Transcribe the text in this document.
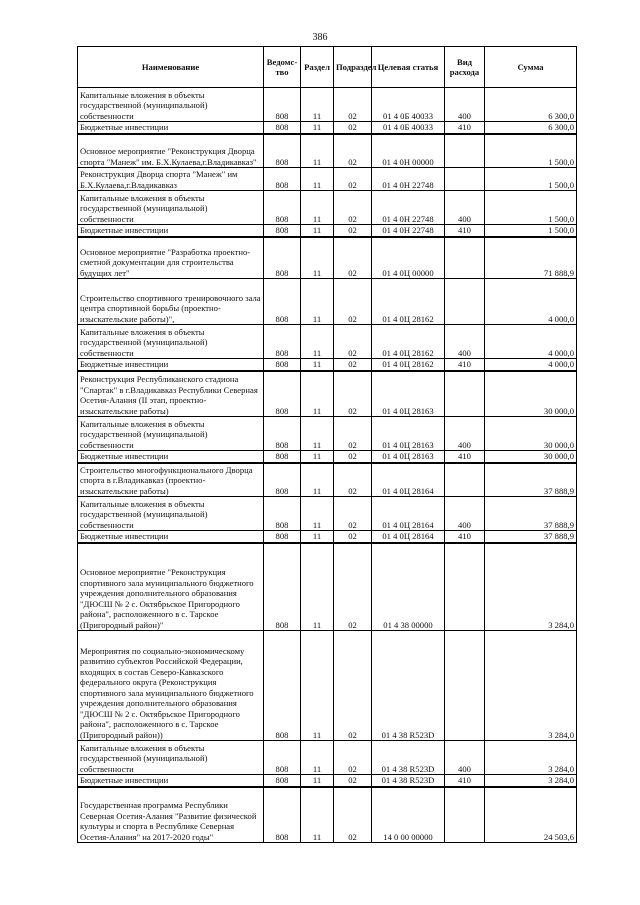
386
Наименование	Ведомс-тво	Раздел	Подраздел	Целевая статья	Вид расхода	Сумма
Капитальные вложения в объекты государственной (муниципальной) собственности	808	11	02	01 4 0Б 40033	400	6 300,0
Бюджетные инвестиции	808	11	02	01 4 0Б 40033	410	6 300,0
Основное мероприятие "Реконструкция Дворца спорта "Манеж" им. Б.Х.Кулаева,г.Владикавказ"	808	11	02	01 4 0Н 00000		1 500,0
Реконструкция Дворца спорта "Манеж" им Б.Х.Кулаева,г.Владикавказ	808	11	02	01 4 0Н 22748		1 500,0
Капитальные вложения в объекты государственной (муниципальной) собственности	808	11	02	01 4 0Н 22748	400	1 500,0
Бюджетные инвестиции	808	11	02	01 4 0Н 22748	410	1 500,0
Основное мероприятие "Разработка проектно-сметной документации для строительства будущих лет"	808	11	02	01 4 0Ц 00000		71 888,9
Строительство спортивного тренировочного зала центра спортивной борьбы (проектно-изыскательские работы)",	808	11	02	01 4 0Ц 28162		4 000,0
Капитальные вложения в объекты государственной (муниципальной) собственности	808	11	02	01 4 0Ц 28162	400	4 000,0
Бюджетные инвестиции	808	11	02	01 4 0Ц 28162	410	4 000,0
Реконструкция Республиканского стадиона "Спартак" в г.Владикавказ Республики Северная Осетия-Алания (II этап, проектно-изыскательские работы)	808	11	02	01 4 0Ц 28163		30 000,0
Капитальные вложения в объекты государственной (муниципальной) собственности	808	11	02	01 4 0Ц 28163	400	30 000,0
Бюджетные инвестиции	808	11	02	01 4 0Ц 28163	410	30 000,0
Строительство многофункционального Дворца спорта в г.Владикавказ (проектно-изыскательские работы)	808	11	02	01 4 0Ц 28164		37 888,9
Капитальные вложения в объекты государственной (муниципальной) собственности	808	11	02	01 4 0Ц 28164	400	37 888,9
Бюджетные инвестиции	808	11	02	01 4 0Ц 28164	410	37 888,9
Основное мероприятие "Реконструкция спортивного зала муниципального бюджетного учреждения дополнительного образования "ДЮСШ № 2 с. Октябрьское Пригородного района", расположенного в с. Тарское (Пригородный район)"	808	11	02	01 4 38 00000		3 284,0
Мероприятия по социально-экономическому развитию субъектов Российской Федерации, входящих в состав Северо-Кавказского федерального округа (Реконструкция спортивного зала муниципального бюджетного учреждения дополнительного образования "ДЮСШ № 2 с. Октябрьское Пригородного района", расположенного в с. Тарское (Пригородный район))	808	11	02	01 4 38 R523D		3 284,0
Капитальные вложения в объекты государственной (муниципальной) собственности	808	11	02	01 4 38 R523D	400	3 284,0
Бюджетные инвестиции	808	11	02	01 4 38 R523D	410	3 284,0
Государственная программа Республики Северная Осетия-Алания "Развитие физической культуры и спорта в Республике Северная Осетия-Алания" на 2017-2020 годы"	808	11	02	14 0 00 00000		24 503,6
